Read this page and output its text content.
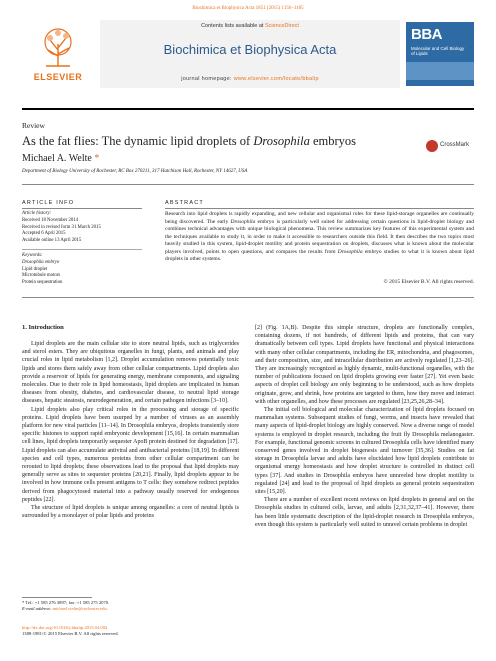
Biochimica et Biophysica Acta 1851 (2015) 1156–1185
ELSEVIER
Contents lists available at ScienceDirect
Biochimica et Biophysica Acta
journal homepage: www.elsevier.com/locate/bbalip
BBA
Molecular and Cell Biology of Lipids
Review
As the fat flies: The dynamic lipid droplets of Drosophila embryos	CrossMark
Michael A. Welte *
Department of Biology University of Rochester, RC Box 270211, 317 Hutchison Hall, Rochester, NY 14627, USA
ARTICLE INFO	ABSTRACT
Article history:
Received 18 November 2014
Received in revised form 31 March 2015
Accepted 6 April 2015
Available online 13 April 2015
Keywords:
Drosophila embryo
Lipid droplet
Microtubule motors
Protein sequestration
Research into lipid droplets is rapidly expanding, and new cellular and organismal roles for these lipid-storage organelles are continually being discovered. The early Drosophila embryo is particularly well suited for addressing certain questions in lipid-droplet biology and combines technical advantages with unique biological phenomena. This review summarizes key features of this experimental system and the techniques available to study it, in order to make it accessible to researchers outside this field. It then describes the two topics most heavily studied in this system, lipid-droplet motility and protein sequestration on droplets, discusses what is known about the molecular players involved, points to open questions, and compares the results from Drosophila embryo studies to what it is known about lipid droplets in other systems.
© 2015 Elsevier B.V. All rights reserved.
1. Introduction

Lipid droplets are the main cellular site to store neutral lipids, such as triglycerides and sterol esters. They are ubiquitous organelles in fungi, plants, and animals and play crucial roles in lipid metabolism [1,2]. Droplet accumulation removes potentially toxic lipids and stores them safely away from other cellular compartments. Lipid droplets also provide a reservoir of lipids for generating energy, membrane components, and signaling molecules. Due to their role in lipid homeostasis, lipid droplets are implicated in human diseases from obesity, diabetes, and cardiovascular disease, to neutral lipid storage diseases, hepatic steatosis, neurodegeneration, and certain pathogen infections [3–10].

Lipid droplets also play critical roles in the processing and storage of specific proteins. Lipid droplets have been usurped by a number of viruses as an assembly platform for new viral particles [11–14]. In Drosophila embryos, droplets transiently store specific histones to support rapid embryonic development [15,16]. In certain mammalian cell lines, lipid droplets temporarily sequester ApoB protein destined for degradation [17]. Lipid droplets can also accumulate antiviral and antibacterial proteins [18,19]. In different species and cell types, numerous proteins from other cellular compartment can be rerouted to lipid droplets; these observations lead to the proposal that lipid droplets may generally serve as sites to sequester proteins [20,21]. Finally, lipid droplets appear to be involved in how immune cells present antigens to T cells: they somehow redirect peptides derived from phagocytosed material into a pathway usually reserved for endogenous peptides [22].

The structure of lipid droplets is unique among organelles: a core of neutral lipids is surrounded by a monolayer of polar lipids and proteins

[2] (Fig. 1A,B). Despite this simple structure, droplets are functionally complex, containing dozens, if not hundreds, of different lipids and proteins, that can vary dramatically between cell types. Lipid droplets have functional and physical interactions with many other cellular compartments, including the ER, mitochondria, and phagosomes, and their composition, size, and intracellular distribution are actively regulated [1,23–26]. They are increasingly recognized as highly dynamic, multi-functional organelles, with the number of publications focused on lipid droplets growing ever faster [27]. Yet even basic aspects of droplet cell biology are only beginning to be understood, such as how droplets originate, grow, and shrink, how proteins are targeted to them, how they move and interact with other organelles, and how these processes are regulated [23,25,26,28–34].

The initial cell biological and molecular characterization of lipid droplets focused on mammalian systems. Subsequent studies of fungi, worms, and insects have revealed that many aspects of lipid-droplet biology are highly conserved. Now a diverse range of model systems is employed in droplet research, including the fruit fly Drosophila melanogaster. For example, functional genomic screens in cultured Drosophila cells have identified many conserved genes involved in droplet biogenesis and turnover [35,36]. Studies on fat storage in Drosophila larvae and adults have elucidated how lipid droplets contribute to organismal energy homeostasis and how droplet structure is controlled in distinct cell types [37]. And studies in Drosophila embryos have unraveled how droplet motility is regulated [24] and lead to the proposal of lipid droplets as general protein sequestration sites [15,20].

There are a number of excellent recent reviews on lipid droplets in general and on the Drosophila studies in cultured cells, larvae, and adults [2,31,32,37–41]. However, there has been little systematic description of the lipid-droplet research in Drosophila embryos, even though this system is particularly well suited to unravel certain problems in droplet

* Tel.: +1 585 276 3897; fax: +1 585 275 2070.
E-mail address: michael.welte@rochester.edu.
http://dx.doi.org/10.1016/j.bbalip.2015.04.002
1388-1981/© 2015 Elsevier B.V. All rights reserved.
